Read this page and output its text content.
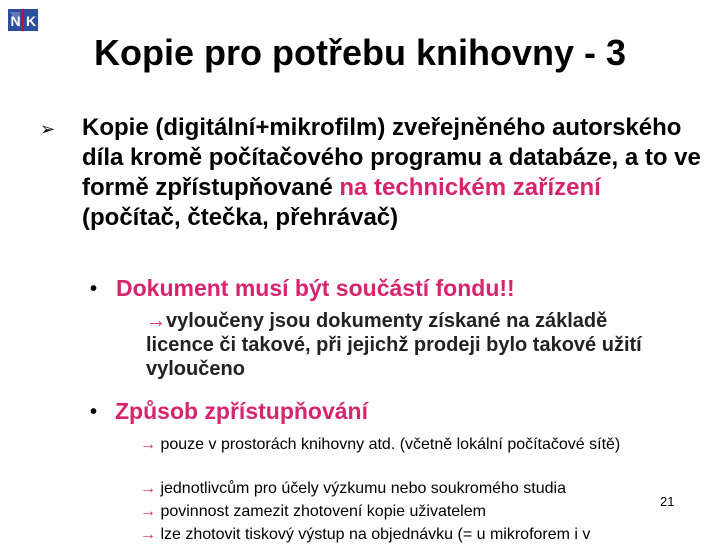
N K
Kopie pro potřebu knihovny - 3
➢ Kopie (digitální+mikrofilm) zveřejněného autorského díla kromě počítačového programu a databáze, a to ve formě zpřístupňované na technickém zařízení (počítač, čtečka, přehrávač)
• Dokument musí být součástí fondu!!
→vyloučeny jsou dokumenty získané na základě licence či takové, při jejichž prodeji bylo takové užití vyloučeno
• Způsob zpřístupňování
→ pouze v prostorách knihovny atd. (včetně lokální počítačové sítě)
→ jednotlivcům pro účely výzkumu nebo soukromého studia
→ povinnost zamezit zhotovení kopie uživatelem
→ lze zhotovit tiskový výstup na objednávku (= u mikroforem i v
21
